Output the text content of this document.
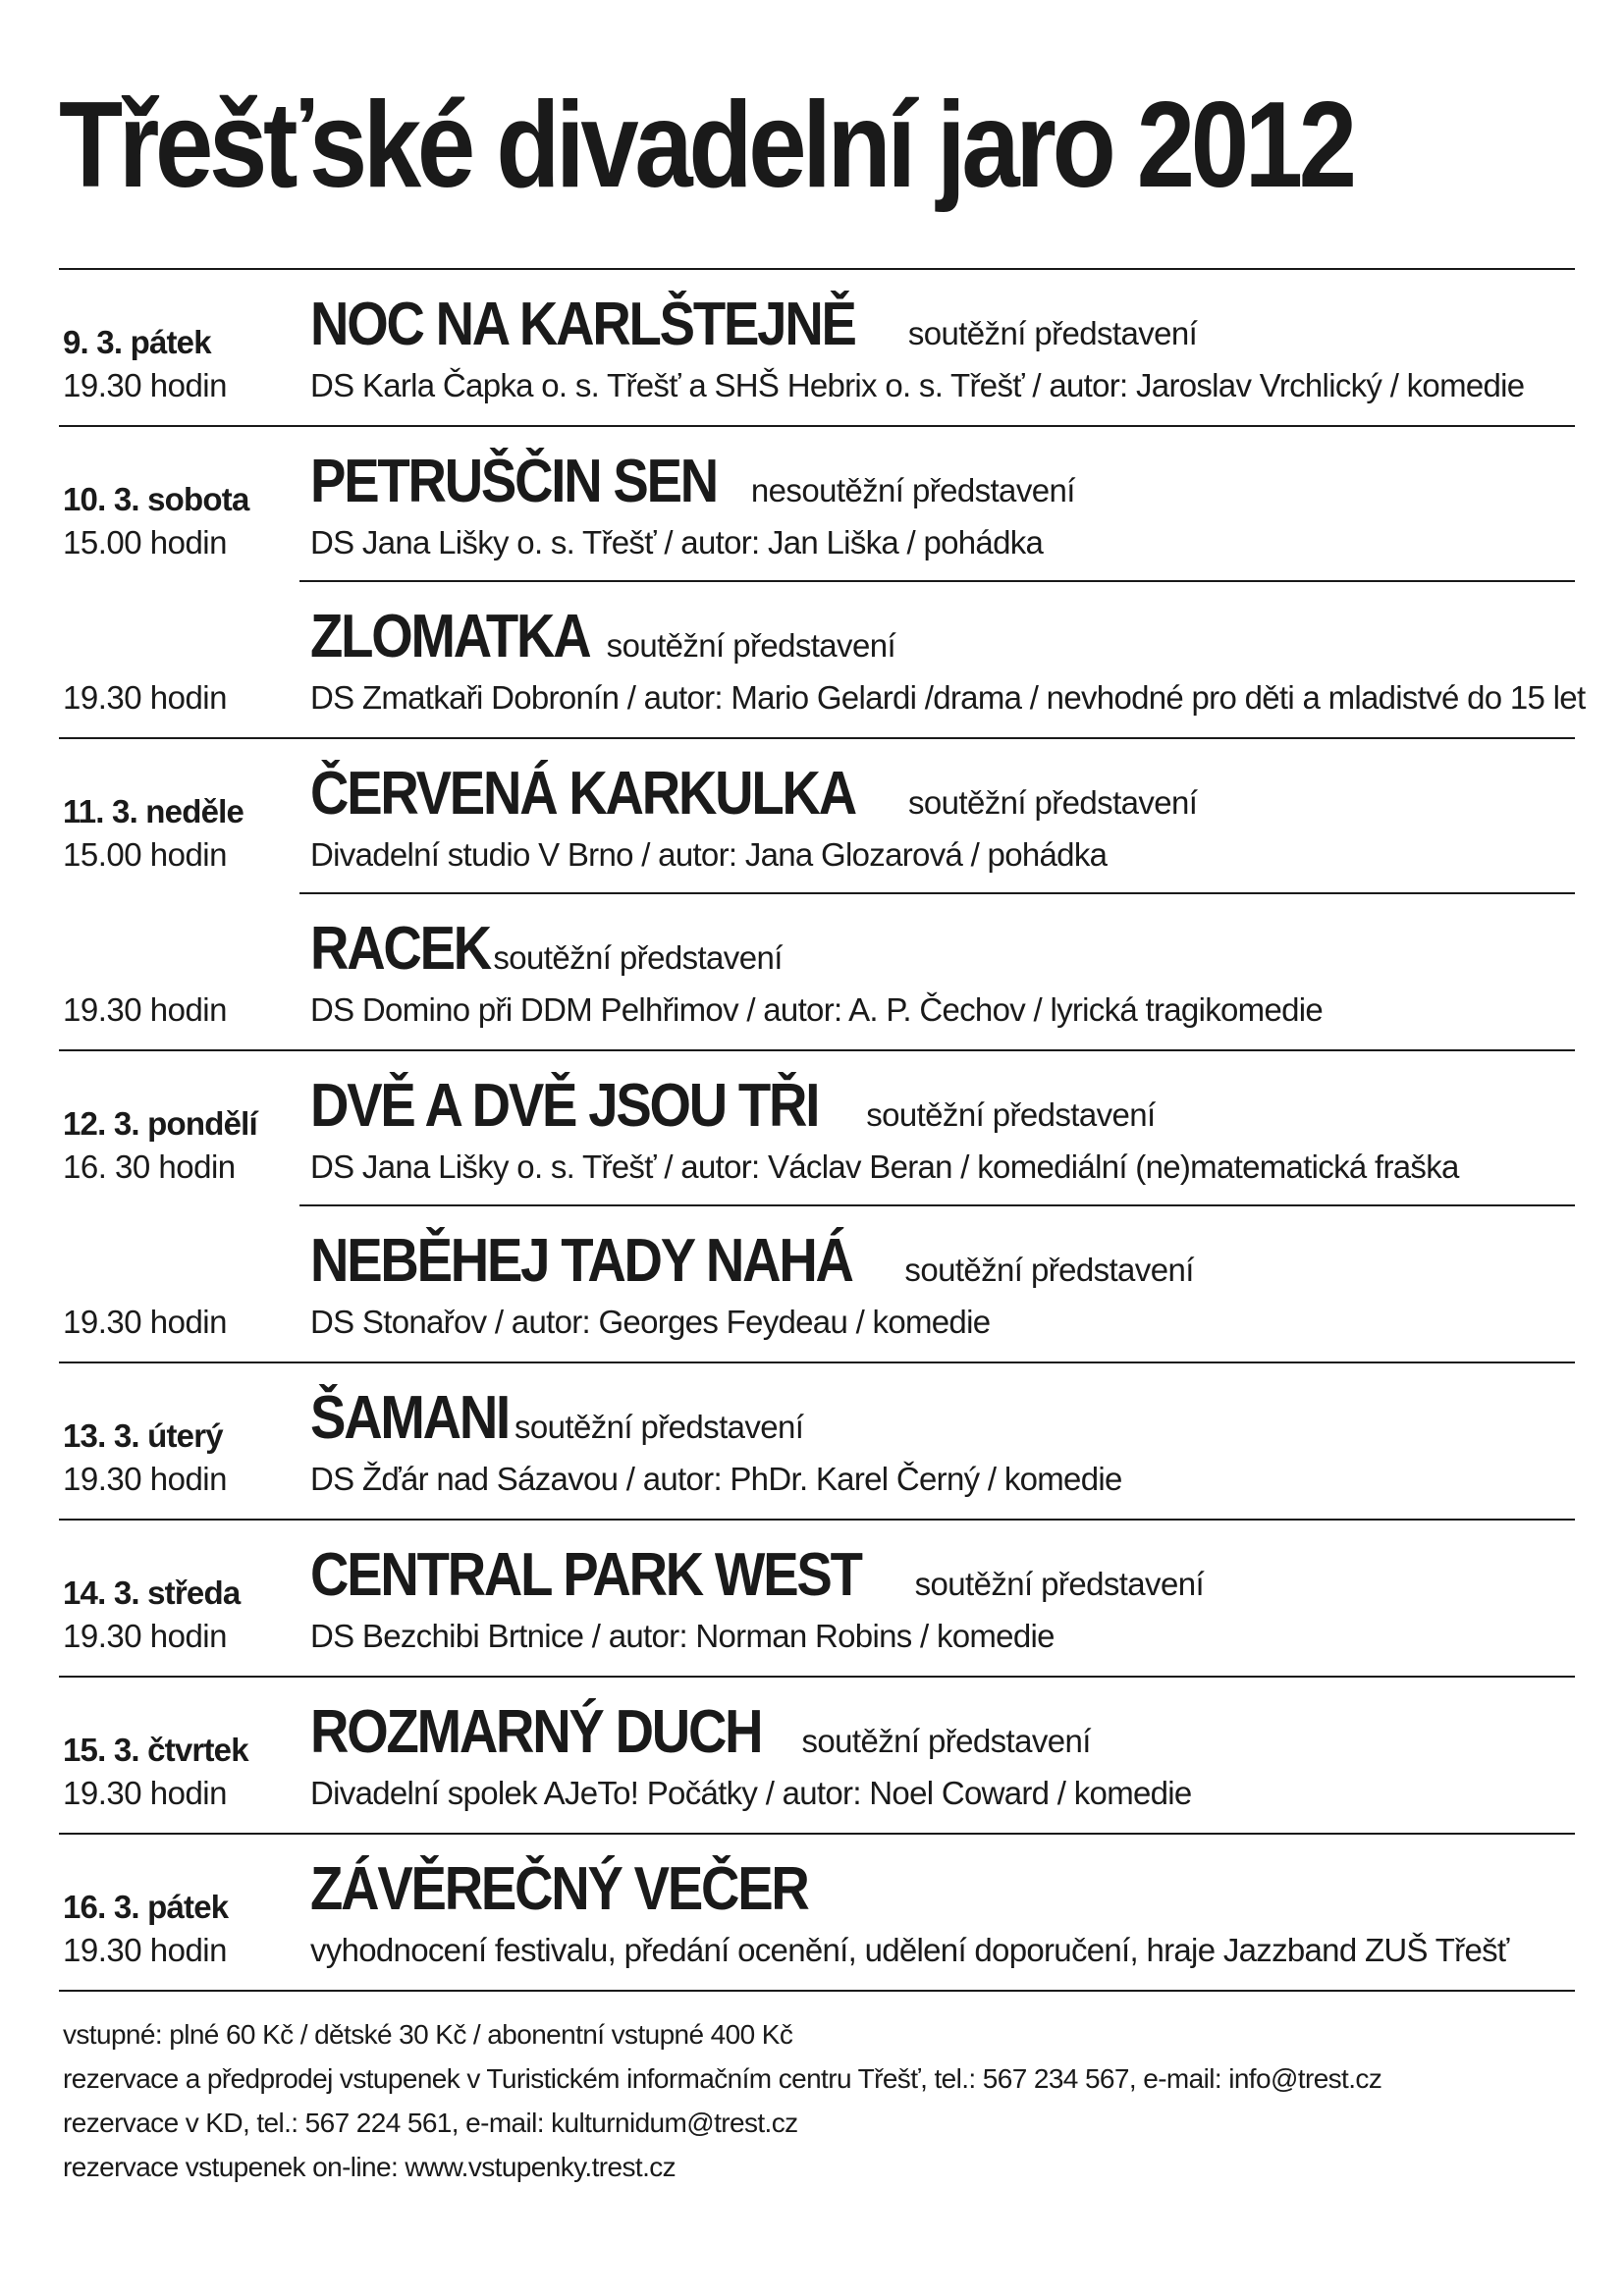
Třešťské divadelní jaro 2012
9. 3. pátek
19.30 hodin
NOC NA KARLŠTEJNĚ soutěžní představení
DS Karla Čapka o. s. Třešť a SHŠ Hebrix o. s. Třešť / autor: Jaroslav Vrchlický / komedie
10. 3. sobota
15.00 hodin
PETRUŠČIN SEN nesoutěžní představení
DS Jana Lišky o. s. Třešť / autor: Jan Liška / pohádka
19.30 hodin
ZLOMATKA soutěžní představení
DS Zmatkaři Dobronín / autor: Mario Gelardi /drama / nevhodné pro děti a mladistvé do 15 let
11. 3. neděle
15.00 hodin
ČERVENÁ KARKULKA soutěžní představení
Divadelní studio V Brno / autor: Jana Glozarová / pohádka
19.30 hodin
RACEK soutěžní představení
DS Domino při DDM Pelhřimov / autor: A. P. Čechov / lyrická tragikomedie
12. 3. pondělí
16. 30 hodin
DVĚ A DVĚ JSOU TŘI soutěžní představení
DS Jana Lišky o. s. Třešť / autor: Václav Beran / komediální (ne)matematická fraška
19.30 hodin
NEBĚHEJ TADY NAHÁ soutěžní představení
DS Stonařov / autor: Georges Feydeau / komedie
13. 3. úterý
19.30 hodin
ŠAMANI soutěžní představení
DS Žďár nad Sázavou / autor: PhDr. Karel Černý / komedie
14. 3. středa
19.30 hodin
CENTRAL PARK WEST soutěžní představení
DS Bezchibi Brtnice / autor: Norman Robins / komedie
15. 3. čtvrtek
19.30 hodin
ROZMARNÝ DUCH soutěžní představení
Divadelní spolek AJeTo! Počátky / autor: Noel Coward / komedie
16. 3. pátek
19.30 hodin
ZÁVĚREČNÝ VEČER
vyhodnocení festivalu, předání ocenění, udělení doporučení, hraje Jazzband ZUŠ Třešť
vstupné: plné 60 Kč / dětské 30 Kč / abonentní vstupné 400 Kč
rezervace a předprodej vstupenek v Turistickém informačním centru Třešť, tel.: 567 234 567, e-mail: info@trest.cz
rezervace v KD, tel.: 567 224 561, e-mail: kulturnidum@trest.cz
rezervace vstupenek on-line: www.vstupenky.trest.cz
